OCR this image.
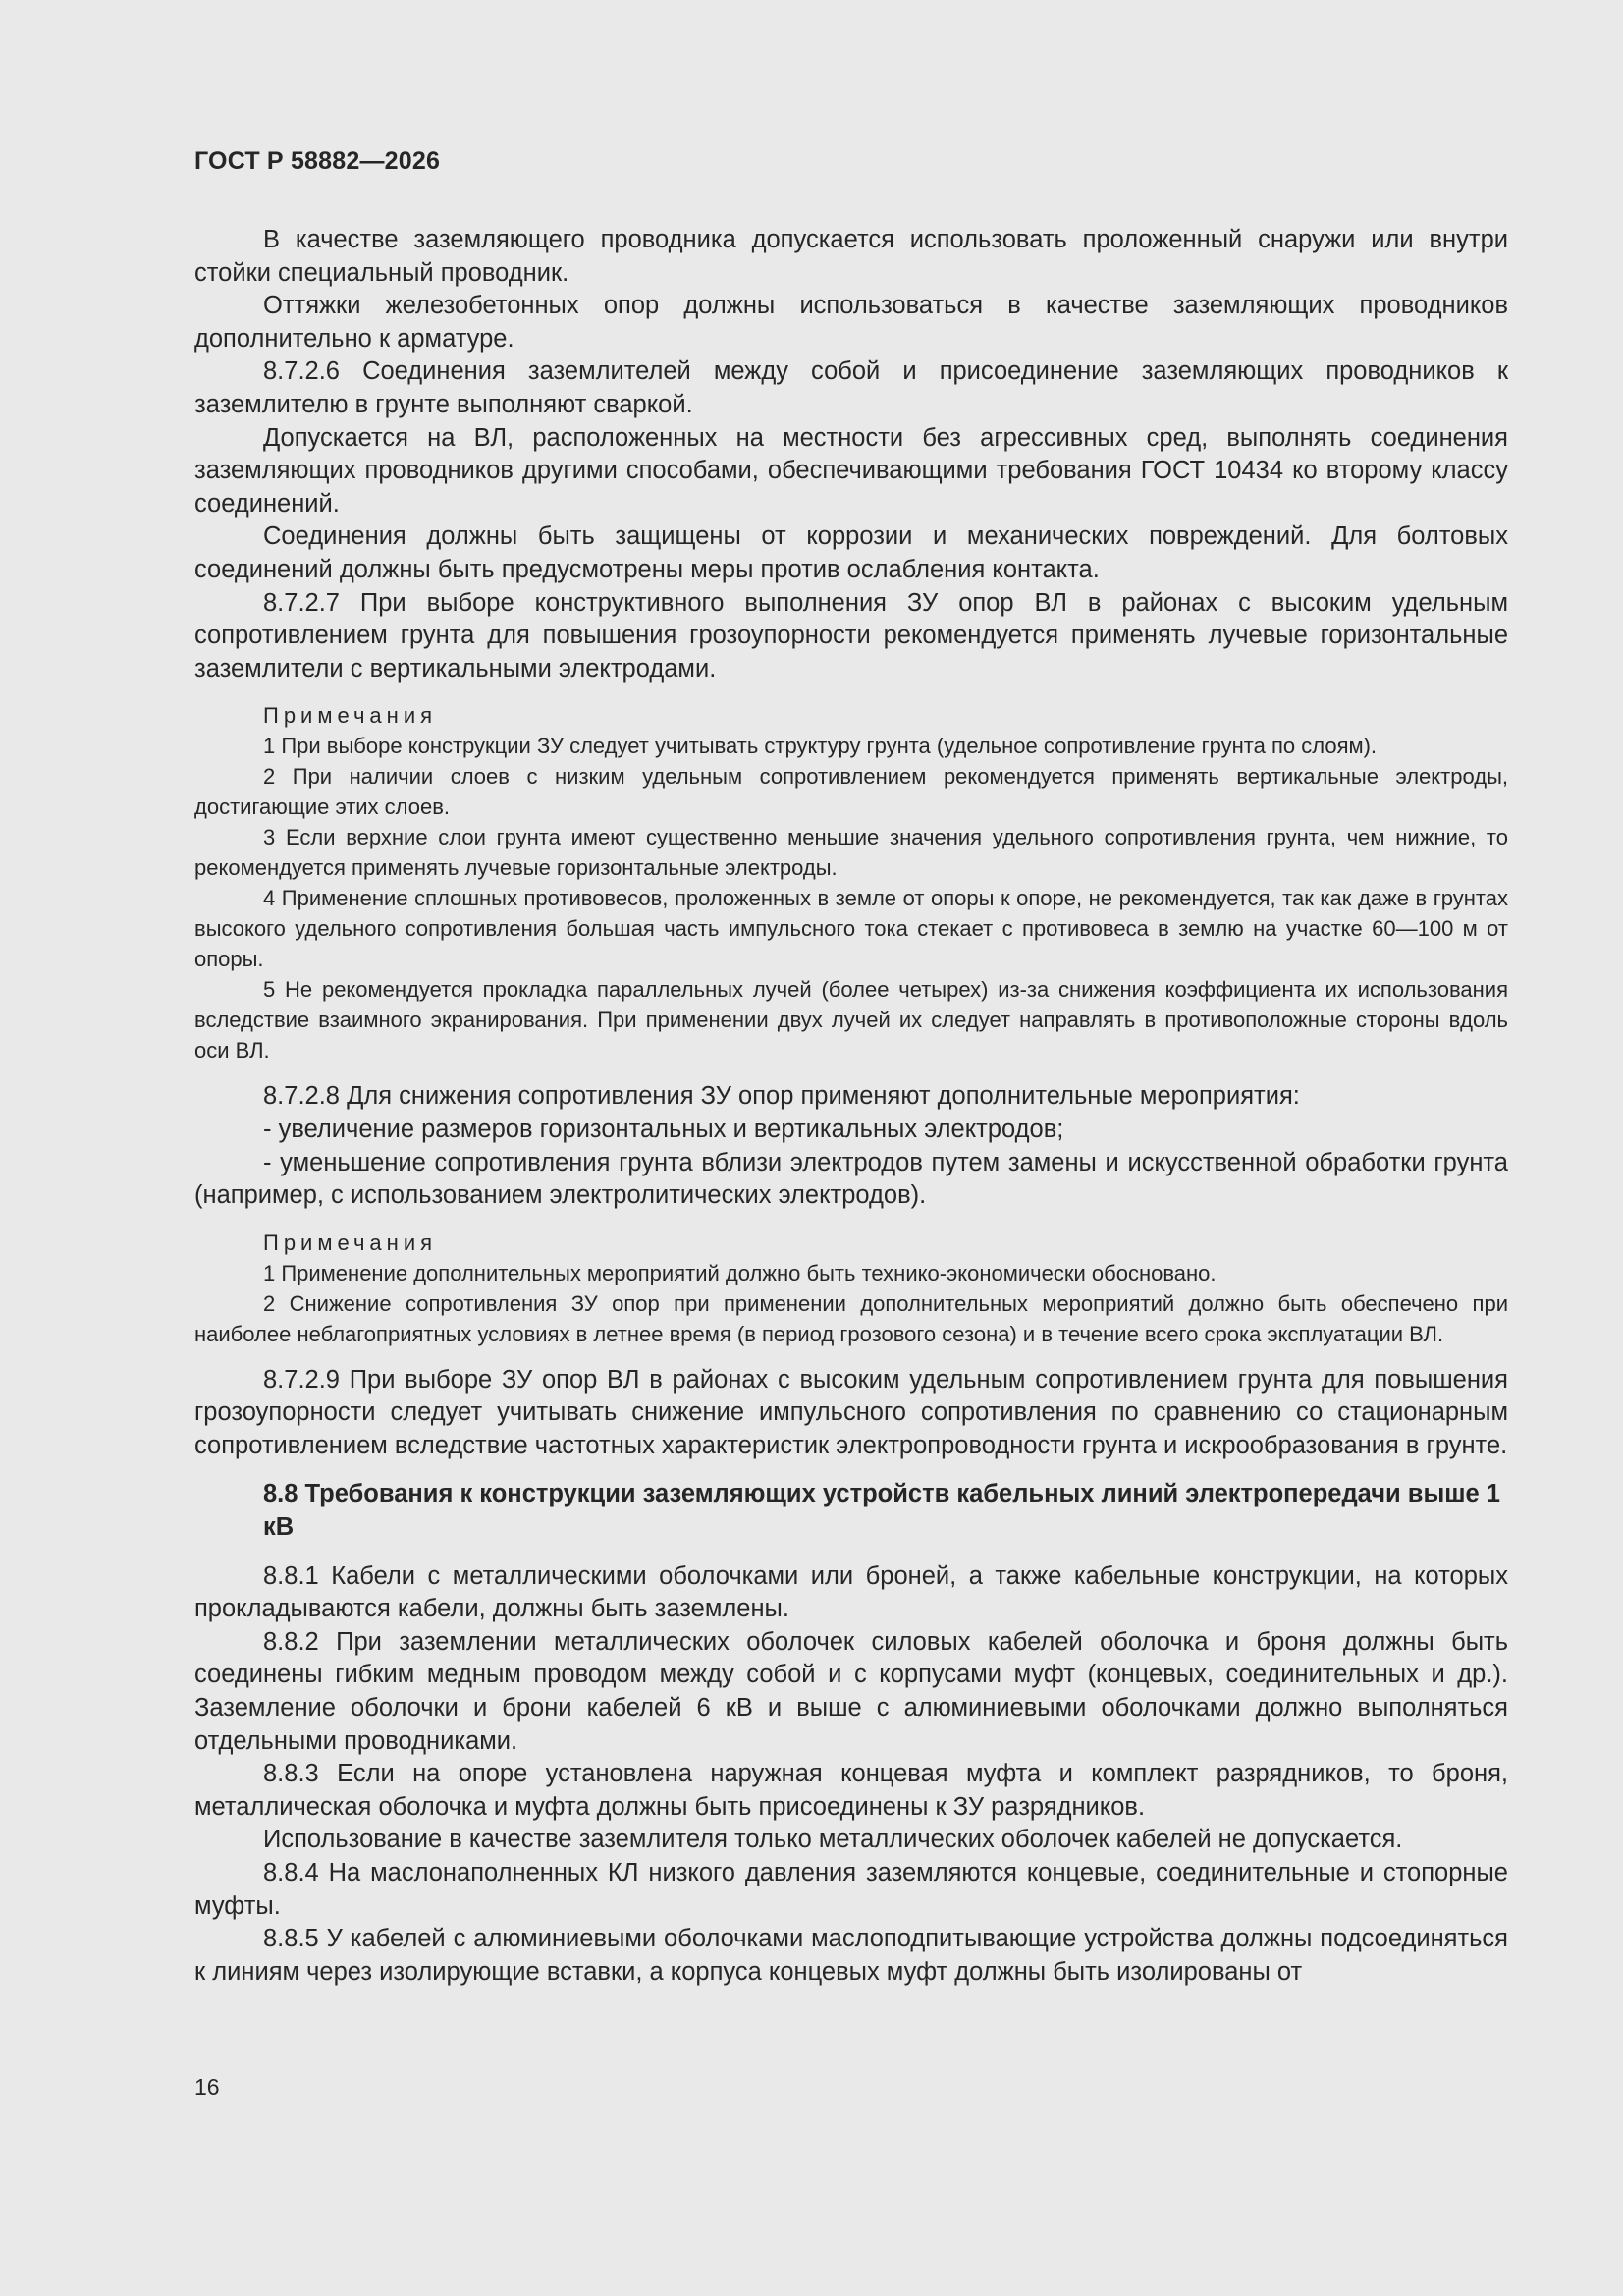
ГОСТ Р 58882—2026

В качестве заземляющего проводника допускается использовать проложенный снаружи или внутри стойки специальный проводник.

Оттяжки железобетонных опор должны использоваться в качестве заземляющих проводников дополнительно к арматуре.

8.7.2.6 Соединения заземлителей между собой и присоединение заземляющих проводников к заземлителю в грунте выполняют сваркой.

Допускается на ВЛ, расположенных на местности без агрессивных сред, выполнять соединения заземляющих проводников другими способами, обеспечивающими требования ГОСТ 10434 ко второму классу соединений.

Соединения должны быть защищены от коррозии и механических повреждений. Для болтовых соединений должны быть предусмотрены меры против ослабления контакта.

8.7.2.7 При выборе конструктивного выполнения ЗУ опор ВЛ в районах с высоким удельным сопротивлением грунта для повышения грозоупорности рекомендуется применять лучевые горизонтальные заземлители с вертикальными электродами.

Примечания
1 При выборе конструкции ЗУ следует учитывать структуру грунта (удельное сопротивление грунта по слоям).
2 При наличии слоев с низким удельным сопротивлением рекомендуется применять вертикальные электроды, достигающие этих слоев.
3 Если верхние слои грунта имеют существенно меньшие значения удельного сопротивления грунта, чем нижние, то рекомендуется применять лучевые горизонтальные электроды.
4 Применение сплошных противовесов, проложенных в земле от опоры к опоре, не рекомендуется, так как даже в грунтах высокого удельного сопротивления большая часть импульсного тока стекает с противовеса в землю на участке 60—100 м от опоры.
5 Не рекомендуется прокладка параллельных лучей (более четырех) из-за снижения коэффициента их использования вследствие взаимного экранирования. При применении двух лучей их следует направлять в противоположные стороны вдоль оси ВЛ.

8.7.2.8 Для снижения сопротивления ЗУ опор применяют дополнительные мероприятия:

- увеличение размеров горизонтальных и вертикальных электродов;

- уменьшение сопротивления грунта вблизи электродов путем замены и искусственной обработки грунта (например, с использованием электролитических электродов).

Примечания
1 Применение дополнительных мероприятий должно быть технико-экономически обосновано.
2 Снижение сопротивления ЗУ опор при применении дополнительных мероприятий должно быть обеспечено при наиболее неблагоприятных условиях в летнее время (в период грозового сезона) и в течение всего срока эксплуатации ВЛ.

8.7.2.9 При выборе ЗУ опор ВЛ в районах с высоким удельным сопротивлением грунта для повышения грозоупорности следует учитывать снижение импульсного сопротивления по сравнению со стационарным сопротивлением вследствие частотных характеристик электропроводности грунта и искрообразования в грунте.

8.8 Требования к конструкции заземляющих устройств кабельных линий электропередачи выше 1 кВ

8.8.1 Кабели с металлическими оболочками или броней, а также кабельные конструкции, на которых прокладываются кабели, должны быть заземлены.

8.8.2 При заземлении металлических оболочек силовых кабелей оболочка и броня должны быть соединены гибким медным проводом между собой и с корпусами муфт (концевых, соединительных и др.). Заземление оболочки и брони кабелей 6 кВ и выше с алюминиевыми оболочками должно выполняться отдельными проводниками.

8.8.3 Если на опоре установлена наружная концевая муфта и комплект разрядников, то броня, металлическая оболочка и муфта должны быть присоединены к ЗУ разрядников.

Использование в качестве заземлителя только металлических оболочек кабелей не допускается.

8.8.4 На маслонаполненных КЛ низкого давления заземляются концевые, соединительные и стопорные муфты.

8.8.5 У кабелей с алюминиевыми оболочками маслоподпитывающие устройства должны подсоединяться к линиям через изолирующие вставки, а корпуса концевых муфт должны быть изолированы от

16
